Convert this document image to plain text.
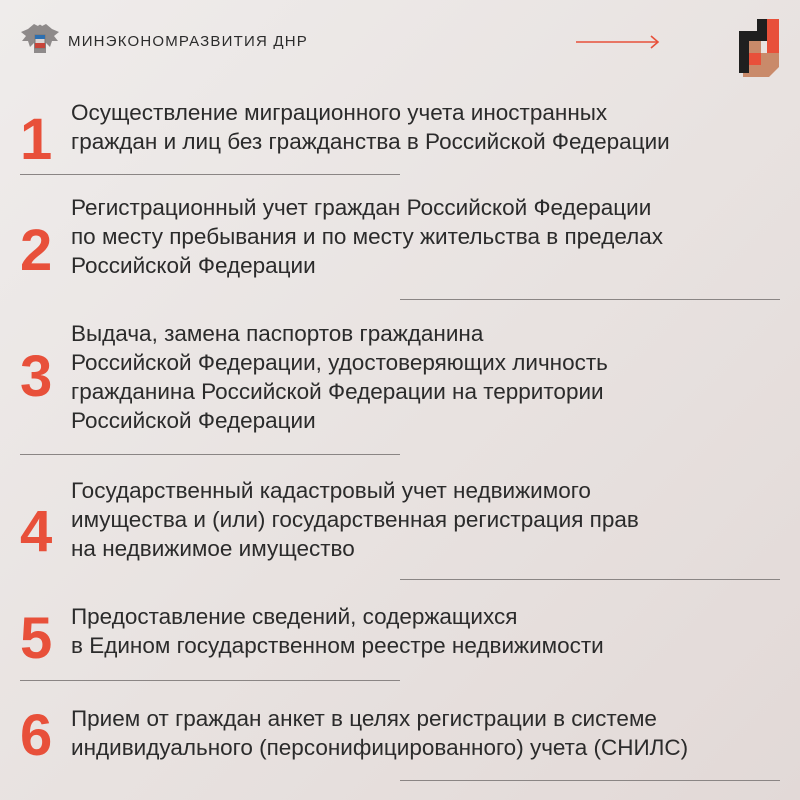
МИНЭКОНОМРАЗВИТИЯ ДНР
1 Осуществление миграционного учета иностранных
граждан и лиц без гражданства в Российской Федерации
2
Регистрационный учет граждан Российской Федерации
по месту пребывания и по месту жительства в пределах
Российской Федерации
3
Выдача, замена паспортов гражданина
Российской Федерации, удостоверяющих личность
гражданина Российской Федерации на территории
Российской Федерации
4
Государственный кадастровый учет недвижимого
имущества и (или) государственная регистрация прав
на недвижимое имущество
5 Предоставление сведений, содержащихся
в Едином государственном реестре недвижимости
6 Прием от граждан анкет в целях регистрации в системе
индивидуального (персонифицированного) учета (СНИЛС)
